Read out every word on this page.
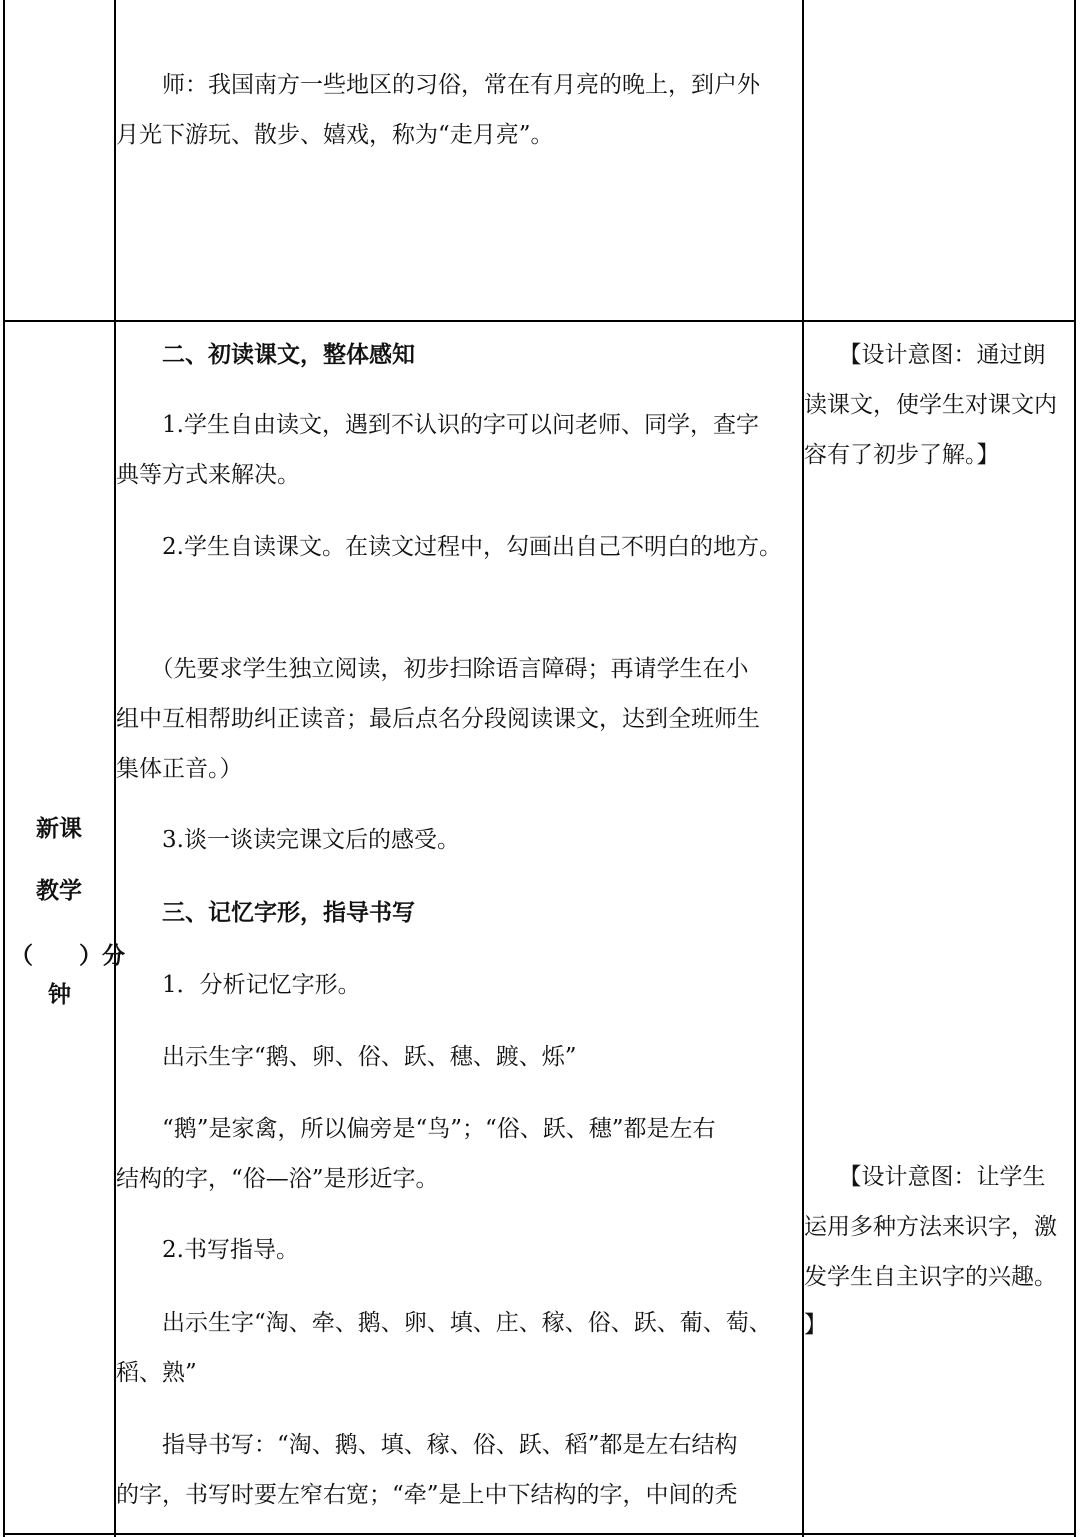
　　师：我国南方一些地区的习俗，常在有月亮的晚上，到户外
月光下游玩、散步、嬉戏，称为“走月亮”。
新课
教学
（　　）分
钟
　　二、初读课文，整体感知
　　1.学生自由读文，遇到不认识的字可以问老师、同学，查字
典等方式来解决。
　　2.学生自读课文。在读文过程中，勾画出自己不明白的地方。
　　（先要求学生独立阅读，初步扫除语言障碍；再请学生在小
组中互相帮助纠正读音；最后点名分段阅读课文，达到全班师生
集体正音。）
　　3.谈一谈读完课文后的感受。
　　三、记忆字形，指导书写
　　1．分析记忆字形。
　　出示生字“鹅、卵、俗、跃、穗、踱、烁”
　　“鹅”是家禽，所以偏旁是“鸟”；“俗、跃、穗”都是左右
结构的字，“俗—浴”是形近字。
　　2.书写指导。
　　出示生字“淘、牵、鹅、卵、填、庄、稼、俗、跃、葡、萄、
稻、熟”
　　指导书写：“淘、鹅、填、稼、俗、跃、稻”都是左右结构
的字，书写时要左窄右宽；“牵”是上中下结构的字，中间的秃
　　【设计意图：通过朗
读课文，使学生对课文内
容有了初步了解。】
　　【设计意图：让学生
运用多种方法来识字，激
发学生自主识字的兴趣。
】
